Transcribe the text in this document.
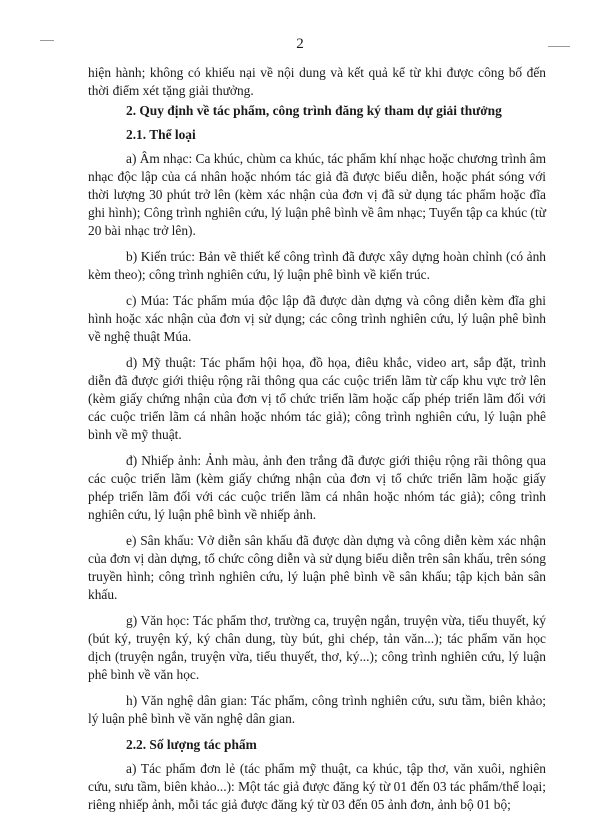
2

hiện hành; không có khiếu nại về nội dung và kết quả kể từ khi được công bố đến thời điểm xét tặng giải thưởng.

2. Quy định về tác phẩm, công trình đăng ký tham dự giải thưởng

2.1. Thể loại

a) Âm nhạc: Ca khúc, chùm ca khúc, tác phẩm khí nhạc hoặc chương trình âm nhạc độc lập của cá nhân hoặc nhóm tác giả đã được biểu diễn, hoặc phát sóng với thời lượng 30 phút trở lên (kèm xác nhận của đơn vị đã sử dụng tác phẩm hoặc đĩa ghi hình); Công trình nghiên cứu, lý luận phê bình về âm nhạc; Tuyển tập ca khúc (từ 20 bài nhạc trở lên).

b) Kiến trúc: Bản vẽ thiết kế công trình đã được xây dựng hoàn chỉnh (có ảnh kèm theo); công trình nghiên cứu, lý luận phê bình về kiến trúc.

c) Múa: Tác phẩm múa độc lập đã được dàn dựng và công diễn kèm đĩa ghi hình hoặc xác nhận của đơn vị sử dụng; các công trình nghiên cứu, lý luận phê bình về nghệ thuật Múa.

d) Mỹ thuật: Tác phẩm hội họa, đồ họa, điêu khắc, video art, sắp đặt, trình diễn đã được giới thiệu rộng rãi thông qua các cuộc triển lãm từ cấp khu vực trở lên (kèm giấy chứng nhận của đơn vị tổ chức triển lãm hoặc cấp phép triển lãm đối với các cuộc triển lãm cá nhân hoặc nhóm tác giả); công trình nghiên cứu, lý luận phê bình về mỹ thuật.

đ) Nhiếp ảnh: Ảnh màu, ảnh đen trắng đã được giới thiệu rộng rãi thông qua các cuộc triển lãm (kèm giấy chứng nhận của đơn vị tổ chức triển lãm hoặc giấy phép triển lãm đối với các cuộc triển lãm cá nhân hoặc nhóm tác giả); công trình nghiên cứu, lý luận phê bình về nhiếp ảnh.

e) Sân khấu: Vở diễn sân khấu đã được dàn dựng và công diễn kèm xác nhận của đơn vị dàn dựng, tổ chức công diễn và sử dụng biểu diễn trên sân khấu, trên sóng truyền hình; công trình nghiên cứu, lý luận phê bình về sân khấu; tập kịch bản sân khấu.

g) Văn học: Tác phẩm thơ, trường ca, truyện ngắn, truyện vừa, tiểu thuyết, ký (bút ký, truyện ký, ký chân dung, tùy bút, ghi chép, tản văn...); tác phẩm văn học dịch (truyện ngắn, truyện vừa, tiểu thuyết, thơ, ký...); công trình nghiên cứu, lý luận phê bình về văn học.

h) Văn nghệ dân gian: Tác phẩm, công trình nghiên cứu, sưu tầm, biên khảo; lý luận phê bình về văn nghệ dân gian.

2.2. Số lượng tác phẩm

a) Tác phẩm đơn lẻ (tác phẩm mỹ thuật, ca khúc, tập thơ, văn xuôi, nghiên cứu, sưu tầm, biên khảo...): Một tác giả được đăng ký từ 01 đến 03 tác phẩm/thể loại; riêng nhiếp ảnh, mỗi tác giả được đăng ký từ 03 đến 05 ảnh đơn, ảnh bộ 01 bộ;
